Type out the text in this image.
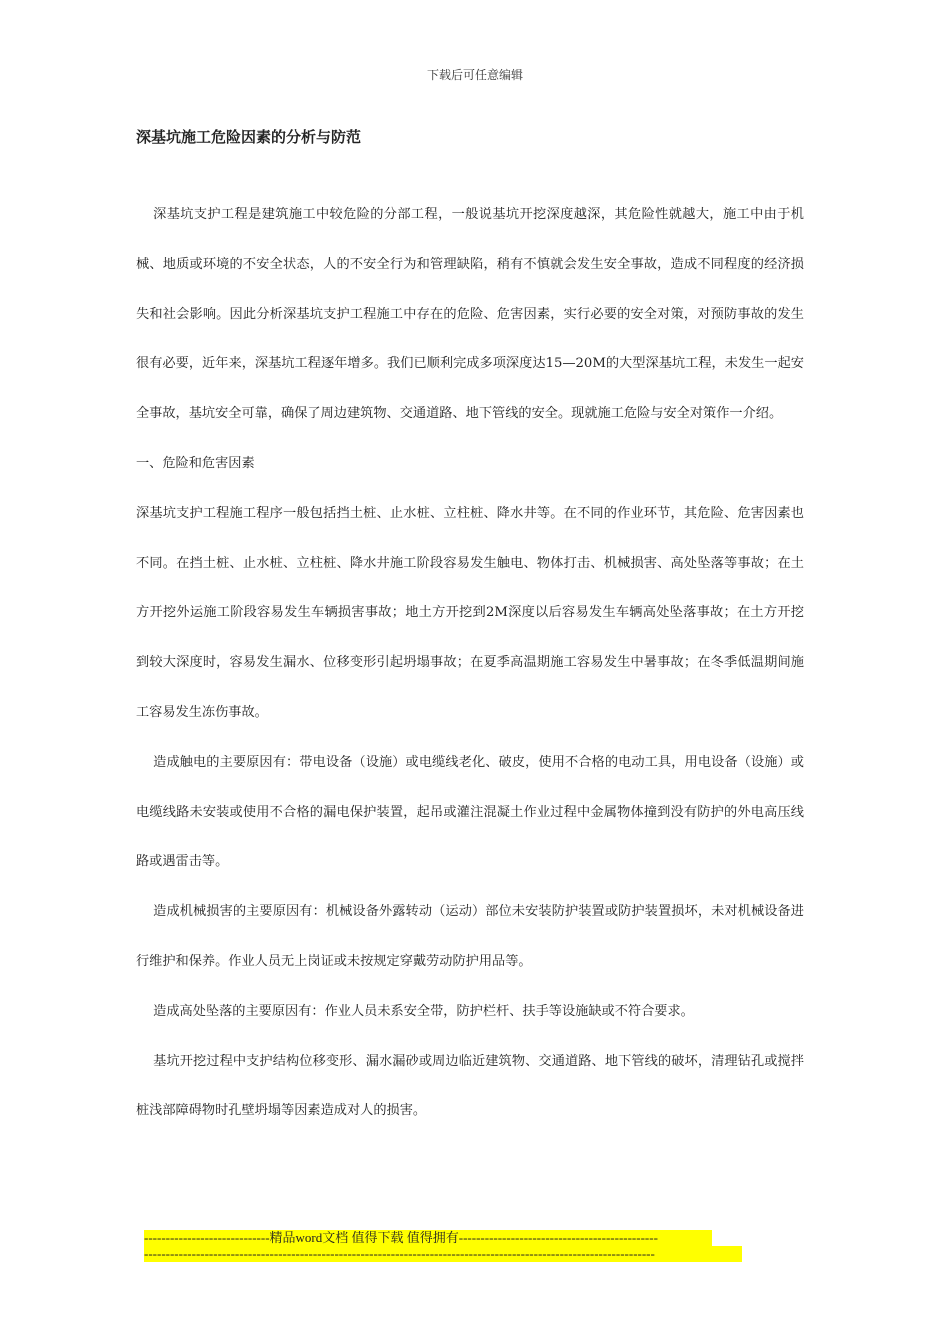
下载后可任意编辑
深基坑施工危险因素的分析与防范

深基坑支护工程是建筑施工中较危险的分部工程，一般说基坑开挖深度越深，其危险性就越大，施工中由于机械、地质或环境的不安全状态，人的不安全行为和管理缺陷，稍有不慎就会发生安全事故，造成不同程度的经济损失和社会影响。因此分析深基坑支护工程施工中存在的危险、危害因素，实行必要的安全对策，对预防事故的发生很有必要，近年来，深基坑工程逐年增多。我们已顺利完成多项深度达15—20M的大型深基坑工程，未发生一起安全事故，基坑安全可靠，确保了周边建筑物、交通道路、地下管线的安全。现就施工危险与安全对策作一介绍。

一、危险和危害因素

深基坑支护工程施工程序一般包括挡土桩、止水桩、立柱桩、降水井等。在不同的作业环节，其危险、危害因素也不同。在挡土桩、止水桩、立柱桩、降水井施工阶段容易发生触电、物体打击、机械损害、高处坠落等事故；在土方开挖外运施工阶段容易发生车辆损害事故；地土方开挖到2M深度以后容易发生车辆高处坠落事故；在土方开挖到较大深度时，容易发生漏水、位移变形引起坍塌事故；在夏季高温期施工容易发生中暑事故；在冬季低温期间施工容易发生冻伤事故。

造成触电的主要原因有：带电设备（设施）或电缆线老化、破皮，使用不合格的电动工具，用电设备（设施）或电缆线路未安装或使用不合格的漏电保护装置，起吊或灌注混凝土作业过程中金属物体撞到没有防护的外电高压线路或遇雷击等。

造成机械损害的主要原因有：机械设备外露转动（运动）部位未安装防护装置或防护装置损坏，未对机械设备进行维护和保养。作业人员无上岗证或未按规定穿戴劳动防护用品等。

造成高处坠落的主要原因有：作业人员未系安全带，防护栏杆、扶手等设施缺或不符合要求。

基坑开挖过程中支护结构位移变形、漏水漏砂或周边临近建筑物、交通道路、地下管线的破坏，清理钻孔或搅拌桩浅部障碍物时孔壁坍塌等因素造成对人的损害。

-----------------------------精品word文档 值得下载 值得拥有----------------------------------------------
----------------------------------------------------------------------------------------------------------------------
